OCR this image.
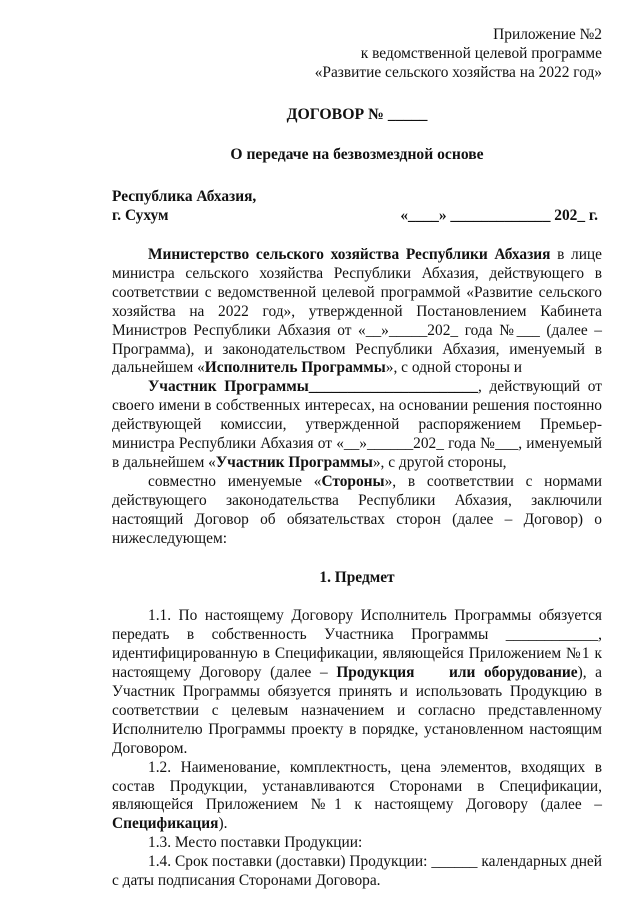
Приложение №2
к ведомственной целевой программе
«Развитие сельского хозяйства на 2022 год»
ДОГОВОР № _____
О передаче на безвозмездной основе
Республика Абхазия,
г. Сухум	«____» _____________ 202_ г.

Министерство сельского хозяйства Республики Абхазия в лице министра сельского хозяйства Республики Абхазия, действующего в соответствии с ведомственной целевой программой «Развитие сельского хозяйства на 2022 год», утвержденной Постановлением Кабинета Министров Республики Абхазия от «__»_____202_ года №___ (далее – Программа), и законодательством Республики Абхазия, именуемый в дальнейшем «Исполнитель Программы», с одной стороны и

Участник Программы______________________, действующий от своего имени в собственных интересах, на основании решения постоянно действующей комиссии, утвержденной распоряжением Премьер-министра Республики Абхазия от «__»______202_ года №___, именуемый в дальнейшем «Участник Программы», с другой стороны,

совместно именуемые «Стороны», в соответствии с нормами действующего законодательства Республики Абхазия, заключили настоящий Договор об обязательствах сторон (далее – Договор) о нижеследующем:

1. Предмет

1.1. По настоящему Договору Исполнитель Программы обязуется передать в собственность Участника Программы ____________, идентифицированную в Спецификации, являющейся Приложением №1 к настоящему Договору (далее – Продукция    или оборудование), а Участник Программы обязуется принять и использовать Продукцию в соответствии с целевым назначением и согласно представленному Исполнителю Программы проекту в порядке, установленном настоящим Договором.

1.2. Наименование, комплектность, цена элементов, входящих в состав Продукции, устанавливаются Сторонами в Спецификации, являющейся Приложением №1 к настоящему Договору (далее – Спецификация).

1.3. Место поставки Продукции:

1.4. Срок поставки (доставки) Продукции: ______ календарных дней с даты подписания Сторонами Договора.
